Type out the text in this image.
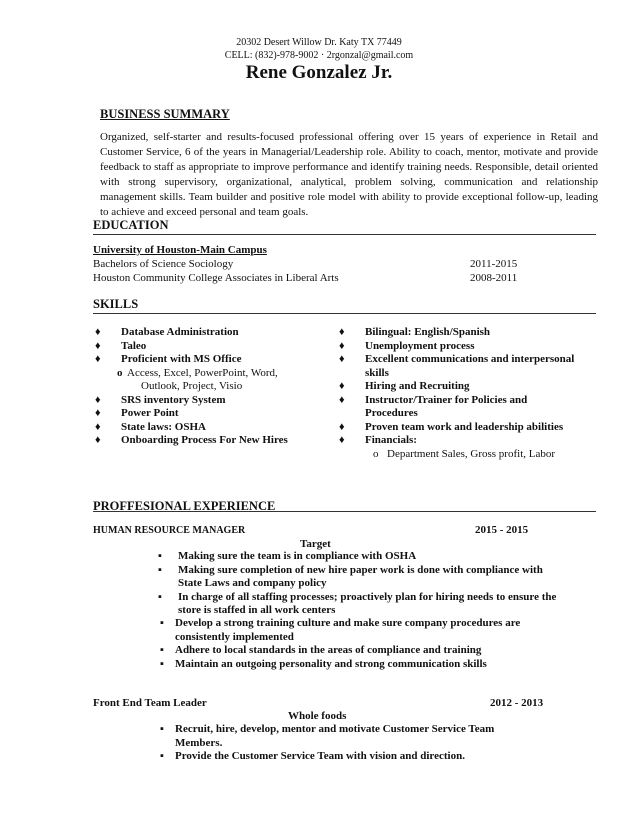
20302 Desert Willow Dr. Katy TX 77449
CELL: (832)-978-9002 · 2rgonzal@gmail.com
Rene Gonzalez Jr.
BUSINESS SUMMARY
Organized, self-starter and results-focused professional offering over 15 years of experience in Retail and Customer Service, 6 of the years in Managerial/Leadership role. Ability to coach, mentor, motivate and provide feedback to staff as appropriate to improve performance and identify training needs. Responsible, detail oriented with strong supervisory, organizational, analytical, problem solving, communication and relationship management skills. Team builder and positive role model with ability to provide exceptional follow-up, leading to achieve and exceed personal and team goals.
EDUCATION
University of Houston-Main Campus
Bachelors of Science Sociology	2011-2015
Houston Community College Associates in Liberal Arts	2008-2011
SKILLS
♦ Database Administration
♦ Taleo
♦ Proficient with MS Office
o Access, Excel, PowerPoint, Word,
Outlook, Project, Visio
♦ SRS inventory System
♦ Power Point
♦ State laws: OSHA
♦ Onboarding Process For New Hires
♦ Bilingual: English/Spanish
♦ Unemployment process
♦ Excellent communications and interpersonal
skills
♦ Hiring and Recruiting
♦ Instructor/Trainer for Policies and
Procedures
♦ Proven team work and leadership abilities
♦ Financials:
o Department Sales, Gross profit, Labor
PROFFESIONAL EXPERIENCE
HUMAN RESOURCE MANAGER	2015 - 2015
Target
▪ Making sure the team is in compliance with OSHA
▪ Making sure completion of new hire paper work is done with compliance with State Laws and company policy
▪ In charge of all staffing processes; proactively plan for hiring needs to ensure the store is staffed in all work centers
▪ Develop a strong training culture and make sure company procedures are consistently implemented
▪ Adhere to local standards in the areas of compliance and training
▪ Maintain an outgoing personality and strong communication skills
Front End Team Leader	2012 - 2013
Whole foods
▪ Recruit, hire, develop, mentor and motivate Customer Service Team Members.
▪ Provide the Customer Service Team with vision and direction.
